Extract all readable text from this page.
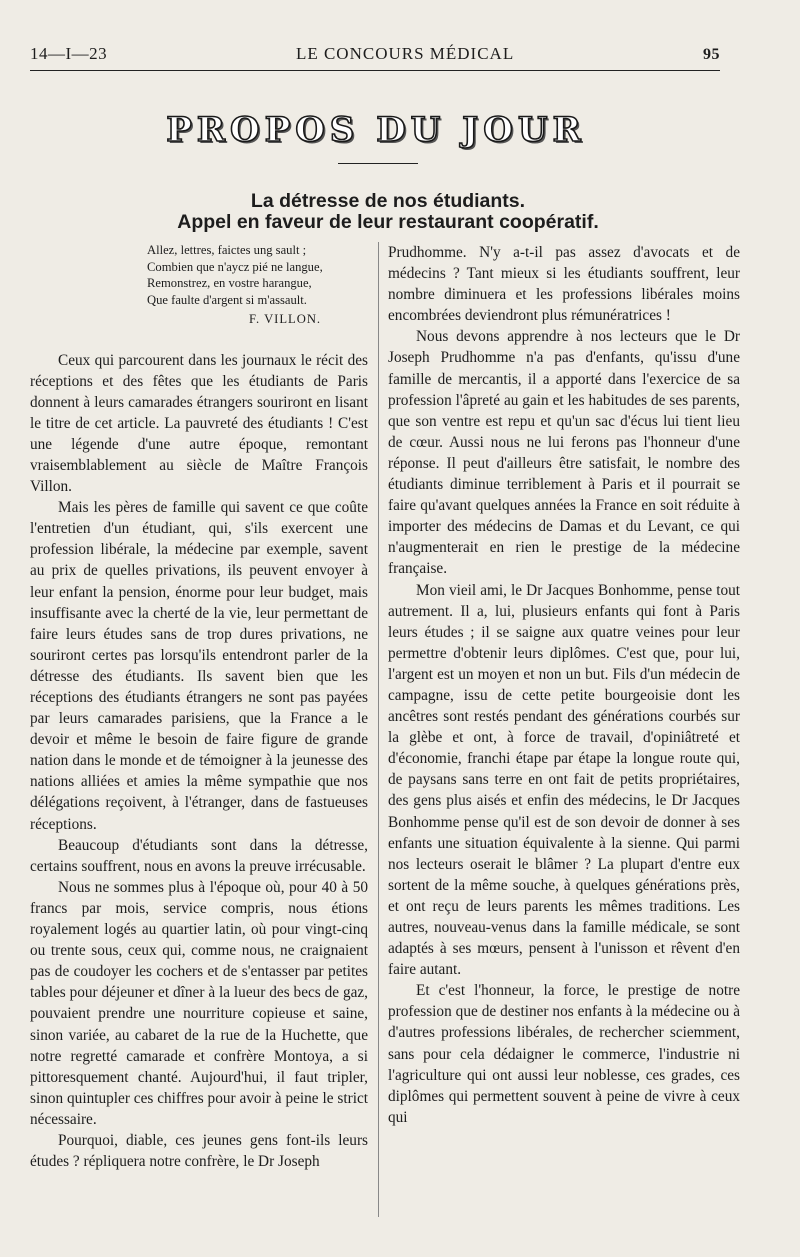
14—I—23	LE CONCOURS MÉDICAL	95
PROPOS DU JOUR
La détresse de nos étudiants.
Appel en faveur de leur restaurant coopératif.
Allez, lettres, faictes ung sault ;
Combien que n'aycz pié ne langue,
Remonstrez, en vostre harangue,
Que faulte d'argent si m'assault.
F. VILLON.

Ceux qui parcourent dans les journaux le récit des réceptions et des fêtes que les étudiants de Paris donnent à leurs camarades étrangers souriront en lisant le titre de cet article. La pauvreté des étudiants ! C'est une légende d'une autre époque, remontant vraisemblablement au siècle de Maître François Villon.

Mais les pères de famille qui savent ce que coûte l'entretien d'un étudiant, qui, s'ils exercent une profession libérale, la médecine par exemple, savent au prix de quelles privations, ils peuvent envoyer à leur enfant la pension, énorme pour leur budget, mais insuffisante avec la cherté de la vie, leur permettant de faire leurs études sans de trop dures privations, ne souriront certes pas lorsqu'ils entendront parler de la détresse des étudiants. Ils savent bien que les réceptions des étudiants étrangers ne sont pas payées par leurs camarades parisiens, que la France a le devoir et même le besoin de faire figure de grande nation dans le monde et de témoigner à la jeunesse des nations alliées et amies la même sympathie que nos délégations reçoivent, à l'étranger, dans de fastueuses réceptions.

Beaucoup d'étudiants sont dans la détresse, certains souffrent, nous en avons la preuve irrécusable.

Nous ne sommes plus à l'époque où, pour 40 à 50 francs par mois, service compris, nous étions royalement logés au quartier latin, où pour vingt-cinq ou trente sous, ceux qui, comme nous, ne craignaient pas de coudoyer les cochers et de s'entasser par petites tables pour déjeuner et dîner à la lueur des becs de gaz, pouvaient prendre une nourriture copieuse et saine, sinon variée, au cabaret de la rue de la Huchette, que notre regretté camarade et confrère Montoya, a si pittoresquement chanté. Aujourd'hui, il faut tripler, sinon quintupler ces chiffres pour avoir à peine le strict nécessaire.

Pourquoi, diable, ces jeunes gens font-ils leurs études ? répliquera notre confrère, le Dr Joseph

Prudhomme. N'y a-t-il pas assez d'avocats et de médecins ? Tant mieux si les étudiants souffrent, leur nombre diminuera et les professions libérales moins encombrées deviendront plus rémunératrices !

Nous devons apprendre à nos lecteurs que le Dr Joseph Prudhomme n'a pas d'enfants, qu'issu d'une famille de mercantis, il a apporté dans l'exercice de sa profession l'âpreté au gain et les habitudes de ses parents, que son ventre est repu et qu'un sac d'écus lui tient lieu de cœur. Aussi nous ne lui ferons pas l'honneur d'une réponse. Il peut d'ailleurs être satisfait, le nombre des étudiants diminue terriblement à Paris et il pourrait se faire qu'avant quelques années la France en soit réduite à importer des médecins de Damas et du Levant, ce qui n'augmenterait en rien le prestige de la médecine française.

Mon vieil ami, le Dr Jacques Bonhomme, pense tout autrement. Il a, lui, plusieurs enfants qui font à Paris leurs études ; il se saigne aux quatre veines pour leur permettre d'obtenir leurs diplômes. C'est que, pour lui, l'argent est un moyen et non un but. Fils d'un médecin de campagne, issu de cette petite bourgeoisie dont les ancêtres sont restés pendant des générations courbés sur la glèbe et ont, à force de travail, d'opiniâtreté et d'économie, franchi étape par étape la longue route qui, de paysans sans terre en ont fait de petits propriétaires, des gens plus aisés et enfin des médecins, le Dr Jacques Bonhomme pense qu'il est de son devoir de donner à ses enfants une situation équivalente à la sienne. Qui parmi nos lecteurs oserait le blâmer ? La plupart d'entre eux sortent de la même souche, à quelques générations près, et ont reçu de leurs parents les mêmes traditions. Les autres, nouveau-venus dans la famille médicale, se sont adaptés à ses mœurs, pensent à l'unisson et rêvent d'en faire autant.

Et c'est l'honneur, la force, le prestige de notre profession que de destiner nos enfants à la médecine ou à d'autres professions libérales, de rechercher sciemment, sans pour cela dédaigner le commerce, l'industrie ni l'agriculture qui ont aussi leur noblesse, ces grades, ces diplômes qui permettent souvent à peine de vivre à ceux qui
